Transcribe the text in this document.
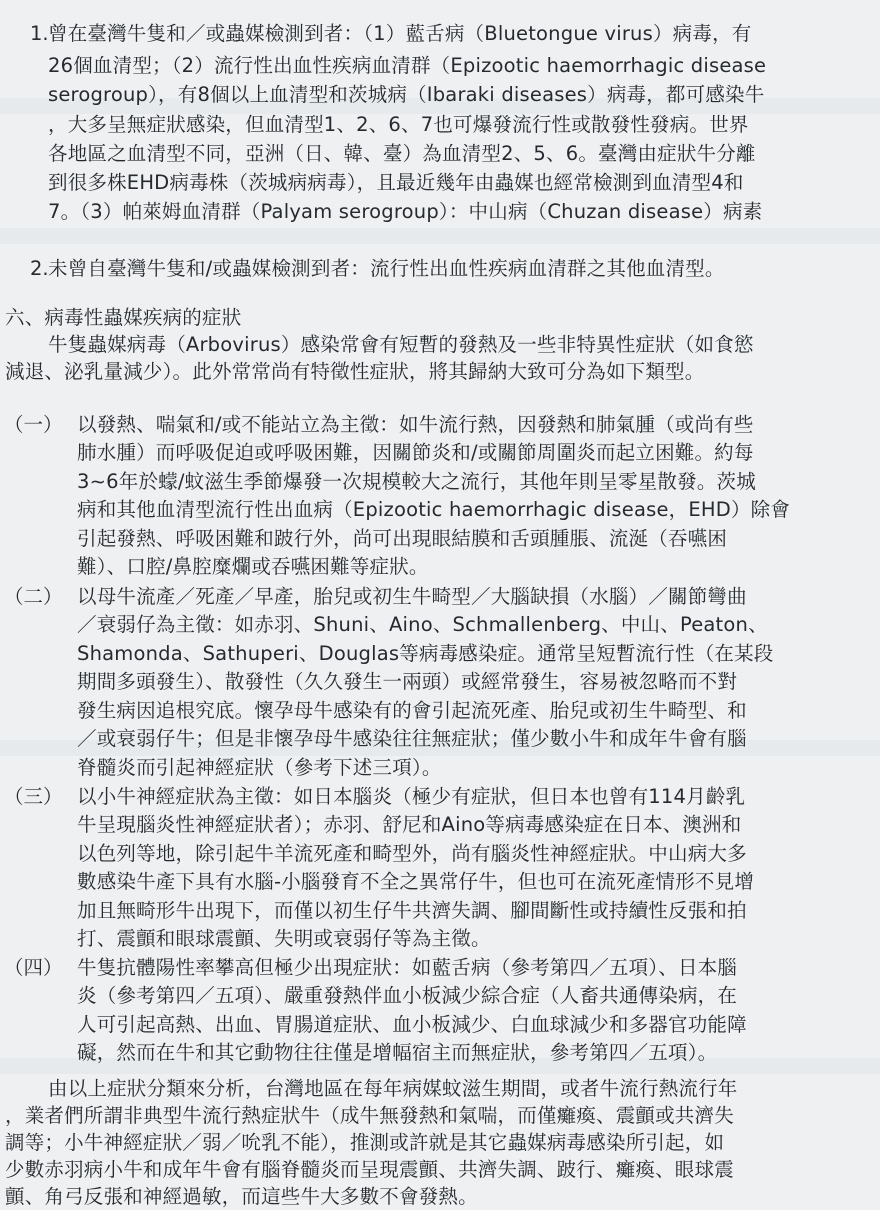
1. 曾在臺灣牛隻和／或蟲媒檢測到者：（1）藍舌病（Bluetongue virus）病毒，有
26個血清型；（2）流行性出血性疾病血清群（Epizootic haemorrhagic disease
serogroup），有8個以上血清型和茨城病（Ibaraki diseases）病毒，都可感染牛
，大多呈無症狀感染，但血清型1、2、6、7也可爆發流行性或散發性發病。世界
各地區之血清型不同，亞洲（日、韓、臺）為血清型2、5、6。臺灣由症狀牛分離
到很多株EHD病毒株（茨城病病毒），且最近幾年由蟲媒也經常檢測到血清型4和
7。（3）帕萊姆血清群（Palyam serogroup）：中山病（Chuzan disease）病素
2. 未曾自臺灣牛隻和/或蟲媒檢測到者：流行性出血性疾病血清群之其他血清型。
六、病毒性蟲媒疾病的症狀
牛隻蟲媒病毒（Arbovirus）感染常會有短暫的發熱及一些非特異性症狀（如食慾
減退、泌乳量減少）。此外常常尚有特徵性症狀，將其歸納大致可分為如下類型。
（一） 以發熱、喘氣和/或不能站立為主徵：如牛流行熱，因發熱和肺氣腫（或尚有些
肺水腫）而呼吸促迫或呼吸困難，因關節炎和/或關節周圍炎而起立困難。約每
3∼6年於蠓/蚊滋生季節爆發一次規模較大之流行，其他年則呈零星散發。茨城
病和其他血清型流行性出血病（Epizootic haemorrhagic disease，EHD）除會
引起發熱、呼吸困難和跛行外，尚可出現眼結膜和舌頭腫脹、流涎（吞嚥困
難）、口腔/鼻腔糜爛或吞嚥困難等症狀。
（二） 以母牛流產／死產／早產，胎兒或初生牛畸型／大腦缺損（水腦）／關節彎曲
／衰弱仔為主徵：如赤羽、Shuni、Aino、Schmallenberg、中山、Peaton、
Shamonda、Sathuperi、Douglas等病毒感染症。通常呈短暫流行性（在某段
期間多頭發生）、散發性（久久發生一兩頭）或經常發生，容易被忽略而不對
發生病因追根究底。懷孕母牛感染有的會引起流死產、胎兒或初生牛畸型、和
／或衰弱仔牛；但是非懷孕母牛感染往往無症狀；僅少數小牛和成年牛會有腦
脊髓炎而引起神經症狀（參考下述三項）。
（三） 以小牛神經症狀為主徵：如日本腦炎（極少有症狀，但日本也曾有114月齡乳
牛呈現腦炎性神經症狀者）；赤羽、舒尼和Aino等病毒感染症在日本、澳洲和
以色列等地，除引起牛羊流死產和畸型外，尚有腦炎性神經症狀。中山病大多
數感染牛產下具有水腦-小腦發育不全之異常仔牛，但也可在流死產情形不見增
加且無畸形牛出現下，而僅以初生仔牛共濟失調、腳間斷性或持續性反張和拍
打、震顫和眼球震顫、失明或衰弱仔等為主徵。
（四） 牛隻抗體陽性率攀高但極少出現症狀：如藍舌病（參考第四／五項）、日本腦
炎（參考第四／五項）、嚴重發熱伴血小板減少綜合症（人畜共通傳染病，在
人可引起高熱、出血、胃腸道症狀、血小板減少、白血球減少和多器官功能障
礙，然而在牛和其它動物往往僅是增幅宿主而無症狀，參考第四／五項）。
由以上症狀分類來分析，台灣地區在每年病媒蚊滋生期間，或者牛流行熱流行年
，業者們所謂非典型牛流行熱症狀牛（成牛無發熱和氣喘，而僅癱瘓、震顫或共濟失
調等；小牛神經症狀／弱／吮乳不能），推測或許就是其它蟲媒病毒感染所引起，如
少數赤羽病小牛和成年牛會有腦脊髓炎而呈現震顫、共濟失調、跛行、癱瘓、眼球震
顫、角弓反張和神經過敏，而這些牛大多數不會發熱。
